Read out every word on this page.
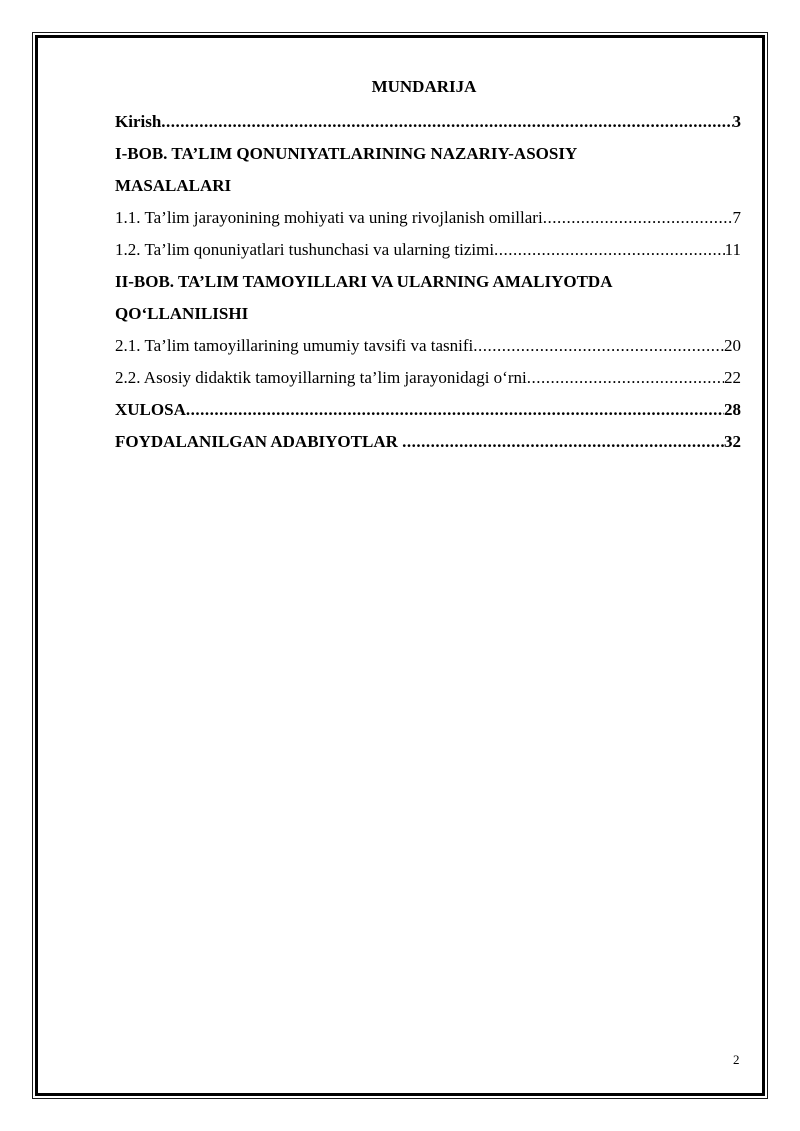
MUNDARIJA
Kirish .....	3
I-BOB. TA’LIM QONUNIYATLARINING NAZARIY-ASOSIY
MASALALARI
1.1. Ta’lim jarayonining mohiyati va uning rivojlanish omillari .....	7
1.2. Ta’lim qonuniyatlari tushunchasi va ularning tizimi .....	11
II-BOB. TA’LIM TAMOYILLARI VA ULARNING AMALIYOTDA
QO‘LLANILISHI
2.1. Ta’lim tamoyillarining umumiy tavsifi va tasnifi .....	20
2.2. Asosiy didaktik tamoyillarning ta’lim jarayonidagi o‘rni .....	22
XULOSA .....	28
FOYDALANILGAN ADABIYOTLAR .....	32
2
